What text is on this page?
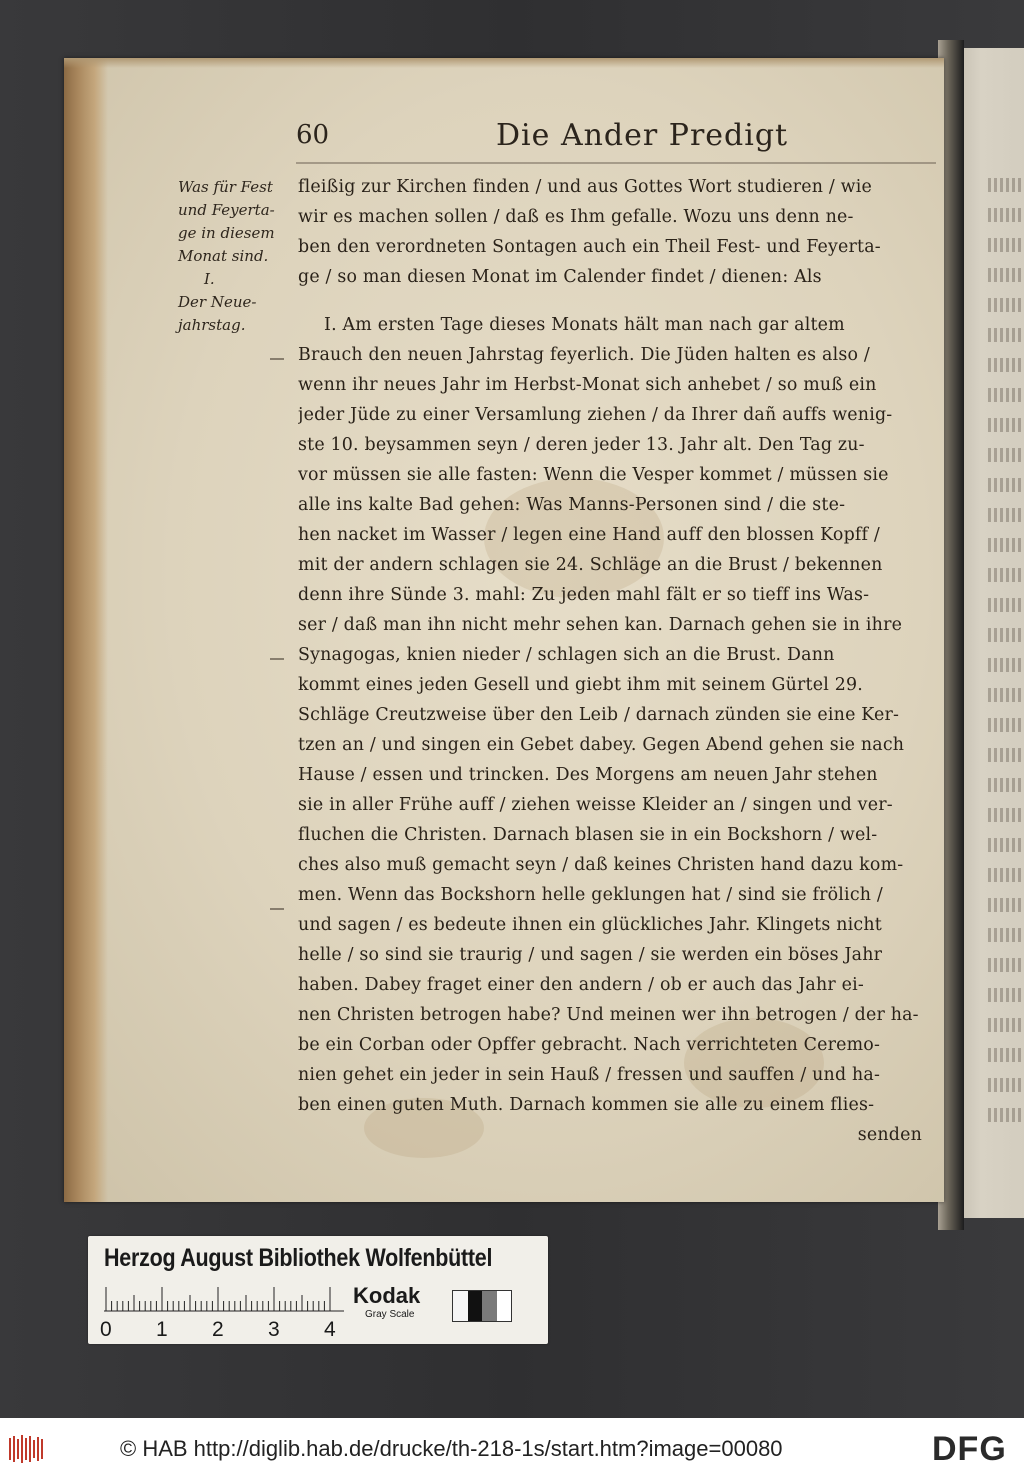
60	Die Ander Predigt
Was für Fest
und Feyerta-
ge in diesem
Monat sind.
I.
Der Neue-
jahrstag.
fleißig zur Kirchen finden / und aus Gottes Wort studieren / wie
wir es machen sollen / daß es Ihm gefalle. Wozu uns denn ne-
ben den verordneten Sontagen auch ein Theil Fest- und Feyerta-
ge / so man diesen Monat im Calender findet / dienen: Als
I. Am ersten Tage dieses Monats hält man nach gar altem
Brauch den neuen Jahrstag feyerlich. Die Jüden halten es also /
wenn ihr neues Jahr im Herbst-Monat sich anhebet / so muß ein
jeder Jüde zu einer Versamlung ziehen / da Ihrer dañ auffs wenig-
ste 10. beysammen seyn / deren jeder 13. Jahr alt. Den Tag zu-
vor müssen sie alle fasten: Wenn die Vesper kommet / müssen sie
alle ins kalte Bad gehen: Was Manns-Personen sind / die ste-
hen nacket im Wasser / legen eine Hand auff den blossen Kopff /
mit der andern schlagen sie 24. Schläge an die Brust / bekennen
denn ihre Sünde 3. mahl: Zu jeden mahl fält er so tieff ins Was-
ser / daß man ihn nicht mehr sehen kan. Darnach gehen sie in ihre
Synagogas, knien nieder / schlagen sich an die Brust. Dann
kommt eines jeden Gesell und giebt ihm mit seinem Gürtel 29.
Schläge Creutzweise über den Leib / darnach zünden sie eine Ker-
tzen an / und singen ein Gebet dabey. Gegen Abend gehen sie nach
Hause / essen und trincken. Des Morgens am neuen Jahr stehen
sie in aller Frühe auff / ziehen weisse Kleider an / singen und ver-
fluchen die Christen. Darnach blasen sie in ein Bockshorn / wel-
ches also muß gemacht seyn / daß keines Christen hand dazu kom-
men. Wenn das Bockshorn helle geklungen hat / sind sie frölich /
und sagen / es bedeute ihnen ein glückliches Jahr. Klingets nicht
helle / so sind sie traurig / und sagen / sie werden ein böses Jahr
haben. Dabey fraget einer den andern / ob er auch das Jahr ei-
nen Christen betrogen habe? Und meinen wer ihn betrogen / der ha-
be ein Corban oder Opffer gebracht. Nach verrichteten Ceremo-
nien gehet ein jeder in sein Hauß / fressen und sauffen / und ha-
ben einen guten Muth. Darnach kommen sie alle zu einem flies-
senden
Herzog August Bibliothek Wolfenbüttel
0 1 2 3 4
Kodak
Gray Scale
© HAB http://diglib.hab.de/drucke/th-218-1s/start.htm?image=00080	DFG
